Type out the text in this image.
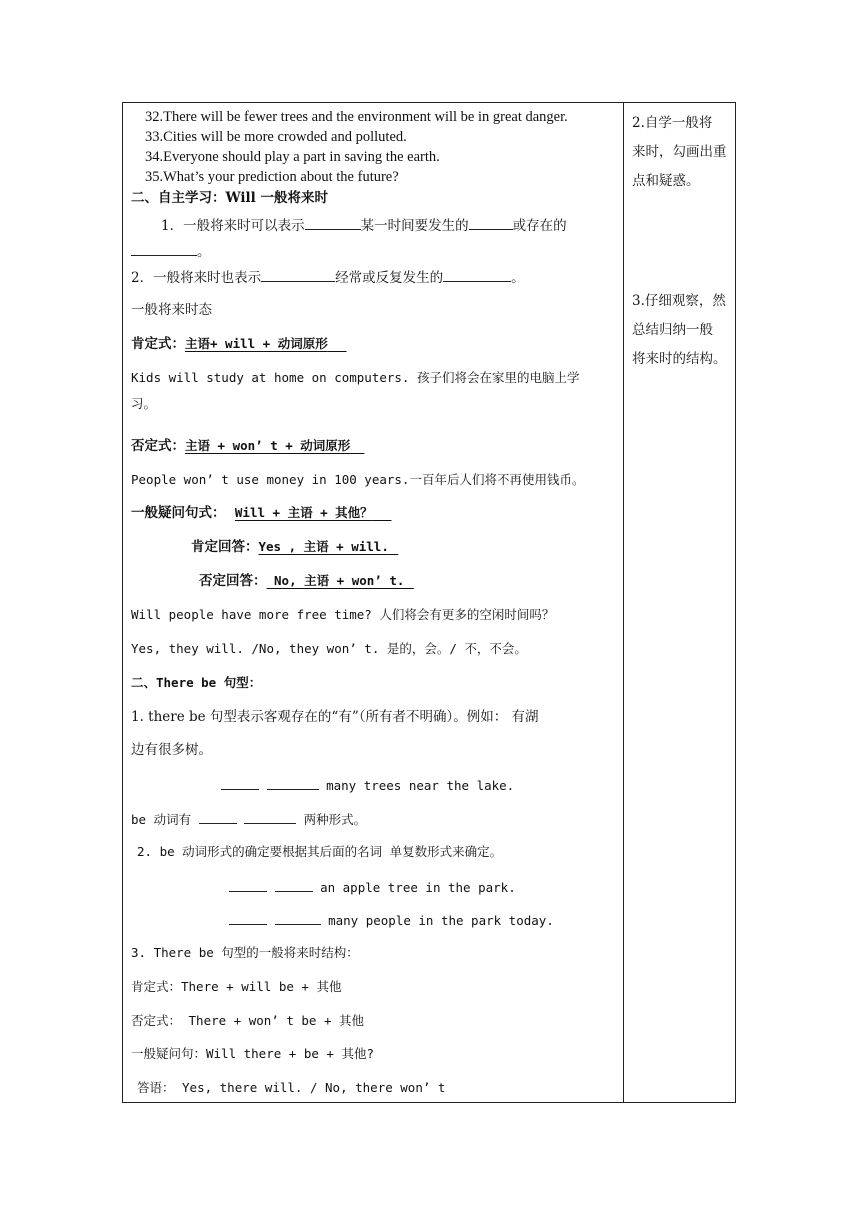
32.There will be fewer trees and the environment will be in great danger.
33.Cities will be more crowded and polluted.
34.Everyone should play a part in saving the earth.
35.What’s your prediction about the future?
二、自主学习：Will 一般将来时
1．一般将来时可以表示	某一时间要发生的	或存在的
。
2．一般将来时也表示	经常或反复发生的	。
一般将来时态
肯定式：主语+ will + 动词原形
Kids will study at home on computers. 孩子们将会在家里的电脑上学
习。
否定式：主语 + won’ t + 动词原形
People won’ t use money in 100 years.一百年后人们将不再使用钱币。
一般疑问句式： Will + 主语 + 其他？
肯定回答：Yes , 主语 + will.
否定回答： No, 主语 + won’ t.
Will people have more free time? 人们将会有更多的空闲时间吗？
Yes, they will. /No, they won’ t. 是的，会。/ 不，不会。
二、There be 句型：
1. there be 句型表示客观存在的“有”（所有者不明确）。例如： 有湖
边有很多树。
many trees near the lake.
be 动词有	两种形式。
2. be 动词形式的确定要根据其后面的名词 单复数形式来确定。
an apple tree in the park.
many people in the park today.
3. There be 句型的一般将来时结构：
肯定式：There + will be + 其他
否定式： There + won’ t be + 其他
一般疑问句：Will there + be + 其他?
答语： Yes, there will. / No, there won’ t
2.自学一般将
来时，勾画出重
点和疑惑。
3.仔细观察，然
总结归纳一般
将来时的结构。
